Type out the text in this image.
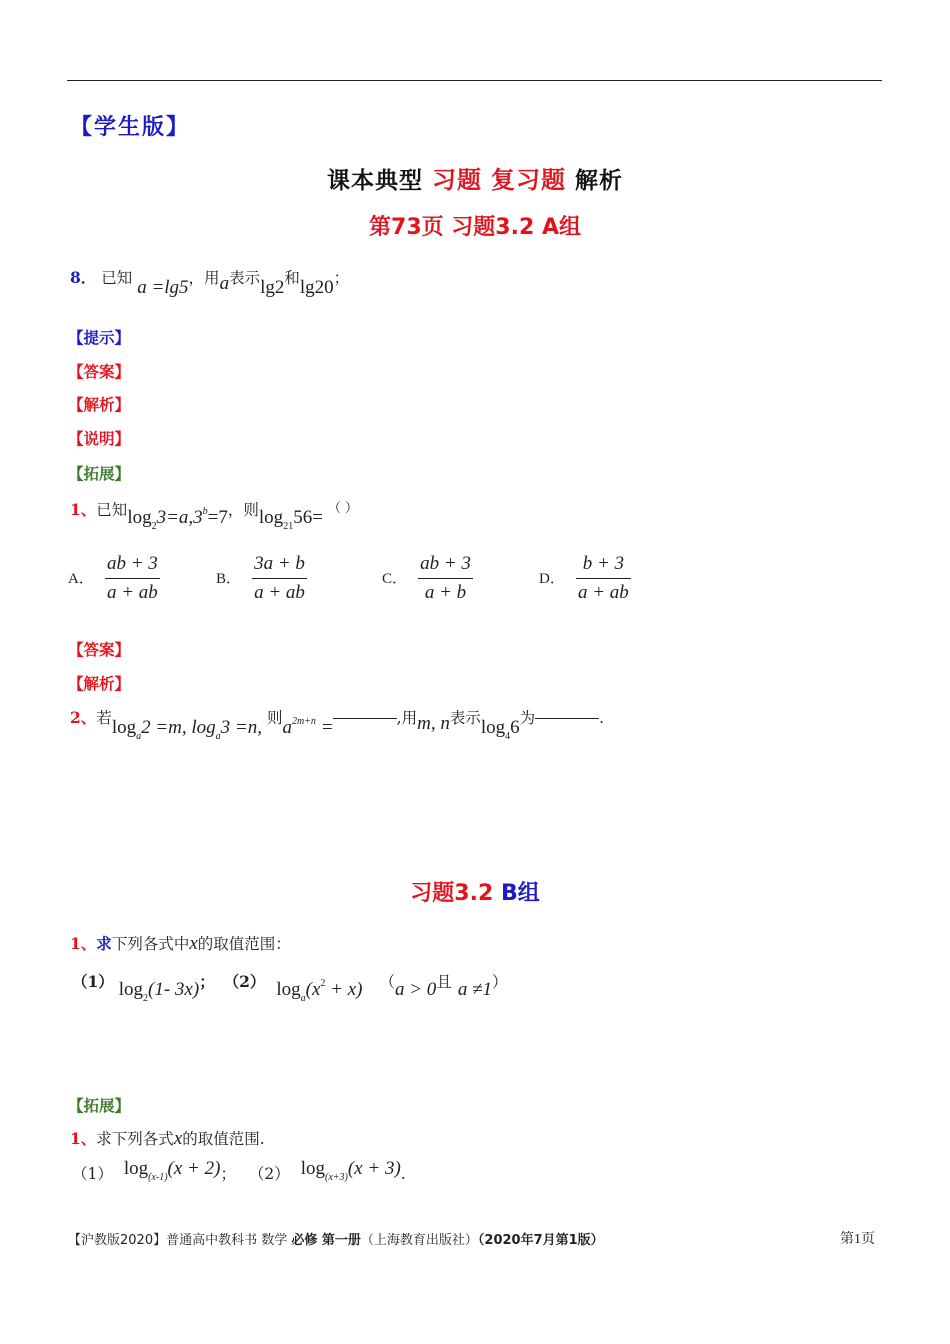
【学生版】
课本典型 习题 复习题 解析
第73页 习题3.2 A组
8． 已知 a =lg5，用a表示lg2和lg20；
【提示】
【答案】
【解析】
【说明】
【拓展】
1、已知$\log_23=a,3^b=7$，则$\log_{21}56=$ （ ）
A． $\frac{ab + 3}{a + ab}$	B． $\frac{3a + b}{a + ab}$	C． $\frac{ab + 3}{a + b}$	D． $\frac{b + 3}{a + ab}$
【答案】
【解析】
2、若$\log_a2 =m$, $\log_a3 =n$, 则$a^{2m+n}$ =	,用m, n表示$\log_46$为	.
习题3.2 B组
1、求下列各式中x的取值范围：
（1） $\log_2(1-$ 3x)； （2） $\log_a(x^2 + x) (a > 0$且 a ≠1）
【拓展】
1、求下列各式x的取值范围.
（1） $\log_{(x-1)}(x + 2)$； （2） $\log_{(x+3)}(x + 3)$.
【沪教版2020】普通高中教科书 数学 必修 第一册（上海教育出版社）（2020年7月第1版）	第1页
